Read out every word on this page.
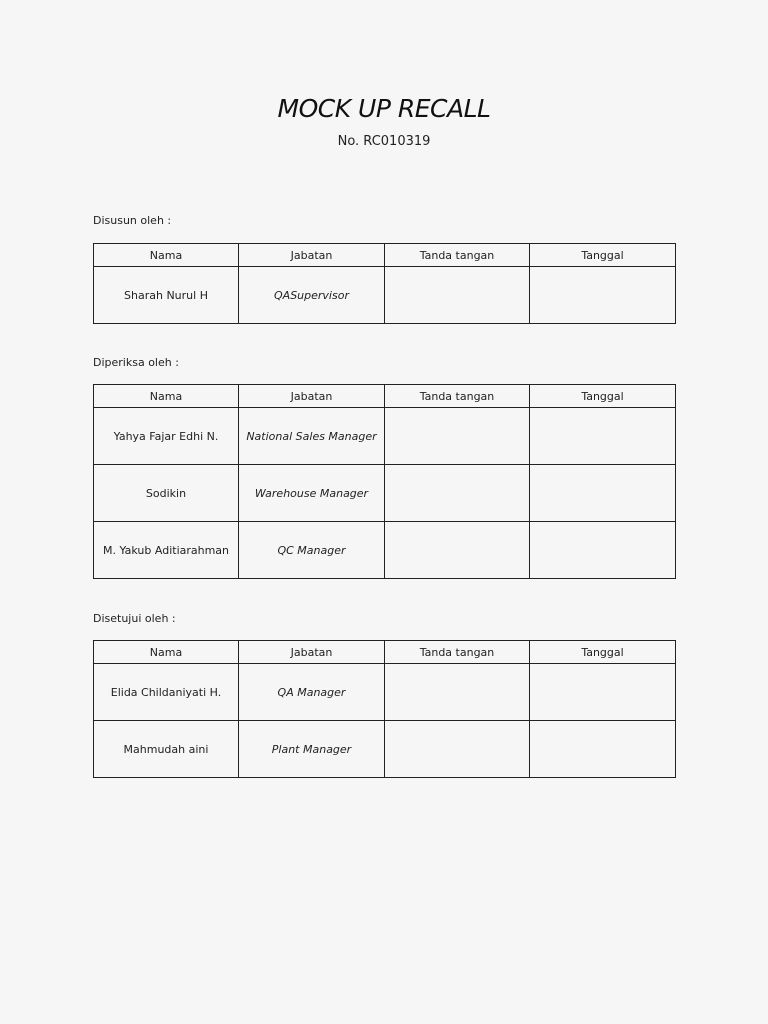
MOCK UP RECALL
No. RC010319
Disusun oleh :
Nama	Jabatan	Tanda tangan	Tanggal
Sharah Nurul H	QASupervisor		
Diperiksa oleh :
Nama	Jabatan	Tanda tangan	Tanggal
Yahya Fajar Edhi N.	National Sales Manager		
Sodikin	Warehouse Manager		
M. Yakub Aditiarahman	QC Manager		
Disetujui oleh :
Nama	Jabatan	Tanda tangan	Tanggal
Elida Childaniyati H.	QA Manager		
Mahmudah aini	Plant Manager		
